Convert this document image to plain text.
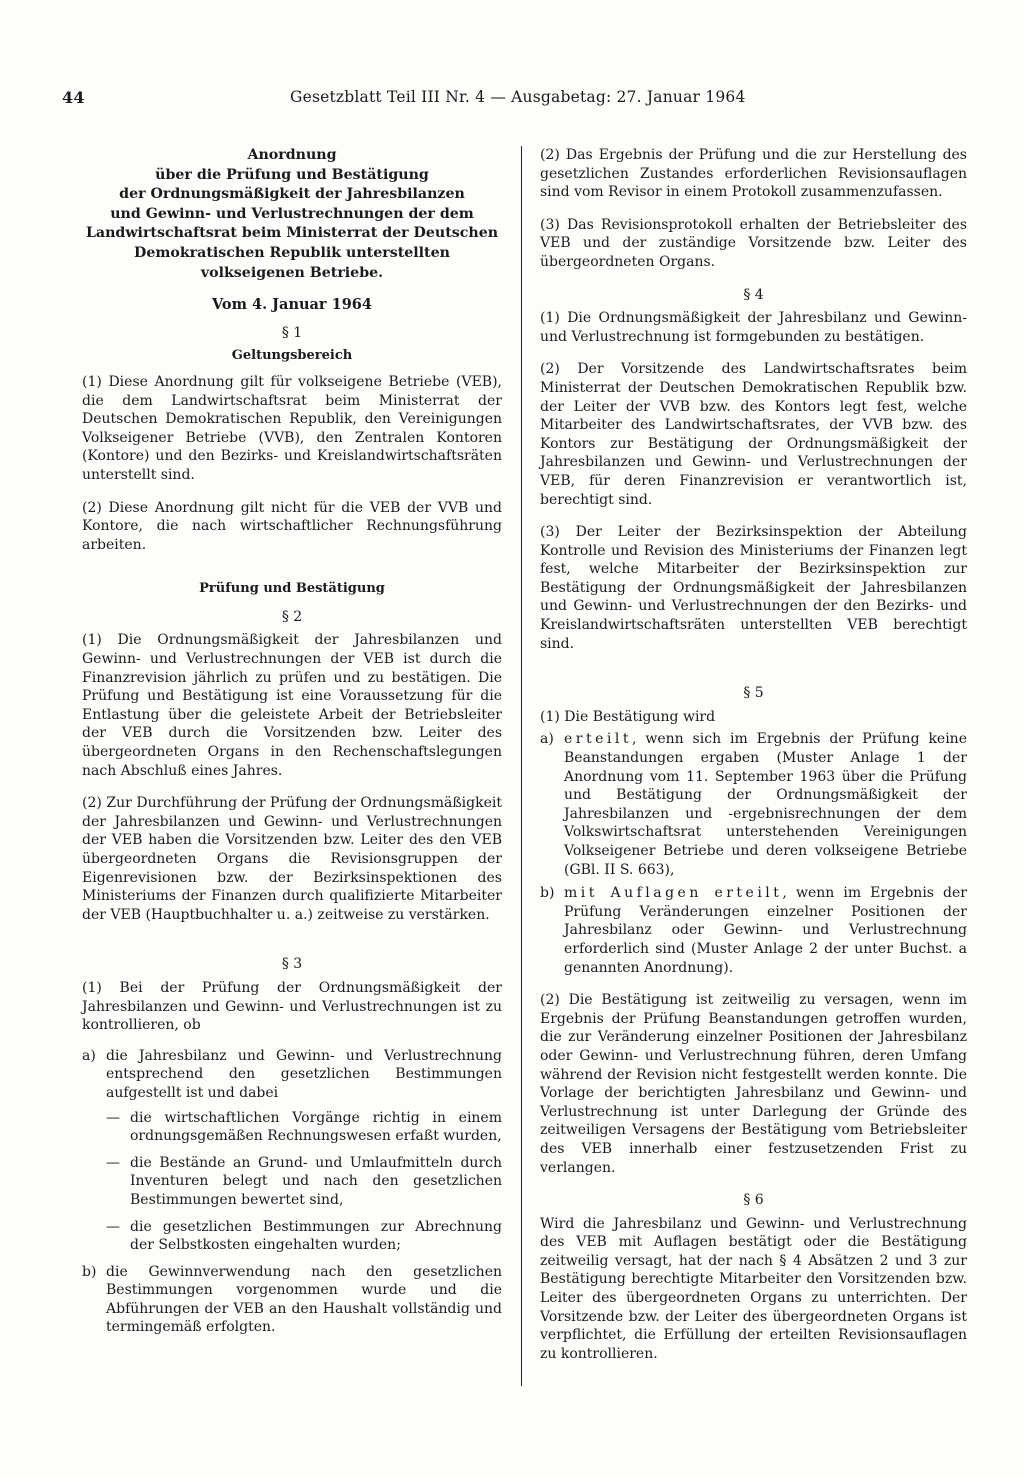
44	Gesetzblatt Teil III Nr. 4 — Ausgabetag: 27. Januar 1964
Anordnung
über die Prüfung und Bestätigung
der Ordnungsmäßigkeit der Jahresbilanzen
und Gewinn- und Verlustrechnungen der dem
Landwirtschaftsrat beim Ministerrat der Deutschen
Demokratischen Republik unterstellten
volkseigenen Betriebe.
Vom 4. Januar 1964
§ 1
Geltungsbereich

(1) Diese Anordnung gilt für volkseigene Betriebe (VEB), die dem Landwirtschaftsrat beim Ministerrat der Deutschen Demokratischen Republik, den Vereinigungen Volkseigener Betriebe (VVB), den Zentralen Kontoren (Kontore) und den Bezirks- und Kreislandwirtschaftsräten unterstellt sind.

(2) Diese Anordnung gilt nicht für die VEB der VVB und Kontore, die nach wirtschaftlicher Rechnungsführung arbeiten.

Prüfung und Bestätigung
§ 2

(1) Die Ordnungsmäßigkeit der Jahresbilanzen und Gewinn- und Verlustrechnungen der VEB ist durch die Finanzrevision jährlich zu prüfen und zu bestätigen. Die Prüfung und Bestätigung ist eine Voraussetzung für die Entlastung über die geleistete Arbeit der Betriebsleiter der VEB durch die Vorsitzenden bzw. Leiter des übergeordneten Organs in den Rechenschaftslegungen nach Abschluß eines Jahres.

(2) Zur Durchführung der Prüfung der Ordnungsmäßigkeit der Jahresbilanzen und Gewinn- und Verlustrechnungen der VEB haben die Vorsitzenden bzw. Leiter des den VEB übergeordneten Organs die Revisionsgruppen der Eigenrevisionen bzw. der Bezirksinspektionen des Ministeriums der Finanzen durch qualifizierte Mitarbeiter der VEB (Hauptbuchhalter u. a.) zeitweise zu verstärken.

§ 3

(1) Bei der Prüfung der Ordnungsmäßigkeit der Jahresbilanzen und Gewinn- und Verlustrechnungen ist zu kontrollieren, ob

a) die Jahresbilanz und Gewinn- und Verlustrechnung entsprechend den gesetzlichen Bestimmungen aufgestellt ist und dabei
— die wirtschaftlichen Vorgänge richtig in einem ordnungsgemäßen Rechnungswesen erfaßt wurden,
— die Bestände an Grund- und Umlaufmitteln durch Inventuren belegt und nach den gesetzlichen Bestimmungen bewertet sind,
— die gesetzlichen Bestimmungen zur Abrechnung der Selbstkosten eingehalten wurden;
b) die Gewinnverwendung nach den gesetzlichen Bestimmungen vorgenommen wurde und die Abführungen der VEB an den Haushalt vollständig und termingemäß erfolgten.

(2) Das Ergebnis der Prüfung und die zur Herstellung des gesetzlichen Zustandes erforderlichen Revisionsauflagen sind vom Revisor in einem Protokoll zusammenzufassen.

(3) Das Revisionsprotokoll erhalten der Betriebsleiter des VEB und der zuständige Vorsitzende bzw. Leiter des übergeordneten Organs.

§ 4

(1) Die Ordnungsmäßigkeit der Jahresbilanz und Gewinn- und Verlustrechnung ist formgebunden zu bestätigen.

(2) Der Vorsitzende des Landwirtschaftsrates beim Ministerrat der Deutschen Demokratischen Republik bzw. der Leiter der VVB bzw. des Kontors legt fest, welche Mitarbeiter des Landwirtschaftsrates, der VVB bzw. des Kontors zur Bestätigung der Ordnungsmäßigkeit der Jahresbilanzen und Gewinn- und Verlustrechnungen der VEB, für deren Finanzrevision er verantwortlich ist, berechtigt sind.

(3) Der Leiter der Bezirksinspektion der Abteilung Kontrolle und Revision des Ministeriums der Finanzen legt fest, welche Mitarbeiter der Bezirksinspektion zur Bestätigung der Ordnungsmäßigkeit der Jahresbilanzen und Gewinn- und Verlustrechnungen der den Bezirks- und Kreislandwirtschaftsräten unterstellten VEB berechtigt sind.

§ 5

(1) Die Bestätigung wird

a) erteilt, wenn sich im Ergebnis der Prüfung keine Beanstandungen ergaben (Muster Anlage 1 der Anordnung vom 11. September 1963 über die Prüfung und Bestätigung der Ordnungsmäßigkeit der Jahresbilanzen und -ergebnisrechnungen der dem Volkswirtschaftsrat unterstehenden Vereinigungen Volkseigener Betriebe und deren volkseigene Betriebe (GBl. II S. 663),
b) mit Auflagen erteilt, wenn im Ergebnis der Prüfung Veränderungen einzelner Positionen der Jahresbilanz oder Gewinn- und Verlustrechnung erforderlich sind (Muster Anlage 2 der unter Buchst. a genannten Anordnung).

(2) Die Bestätigung ist zeitweilig zu versagen, wenn im Ergebnis der Prüfung Beanstandungen getroffen wurden, die zur Veränderung einzelner Positionen der Jahresbilanz oder Gewinn- und Verlustrechnung führen, deren Umfang während der Revision nicht festgestellt werden konnte. Die Vorlage der berichtigten Jahresbilanz und Gewinn- und Verlustrechnung ist unter Darlegung der Gründe des zeitweiligen Versagens der Bestätigung vom Betriebsleiter des VEB innerhalb einer festzusetzenden Frist zu verlangen.

§ 6

Wird die Jahresbilanz und Gewinn- und Verlustrechnung des VEB mit Auflagen bestätigt oder die Bestätigung zeitweilig versagt, hat der nach § 4 Absätzen 2 und 3 zur Bestätigung berechtigte Mitarbeiter den Vorsitzenden bzw. Leiter des übergeordneten Organs zu unterrichten. Der Vorsitzende bzw. der Leiter des übergeordneten Organs ist verpflichtet, die Erfüllung der erteilten Revisionsauflagen zu kontrollieren.
